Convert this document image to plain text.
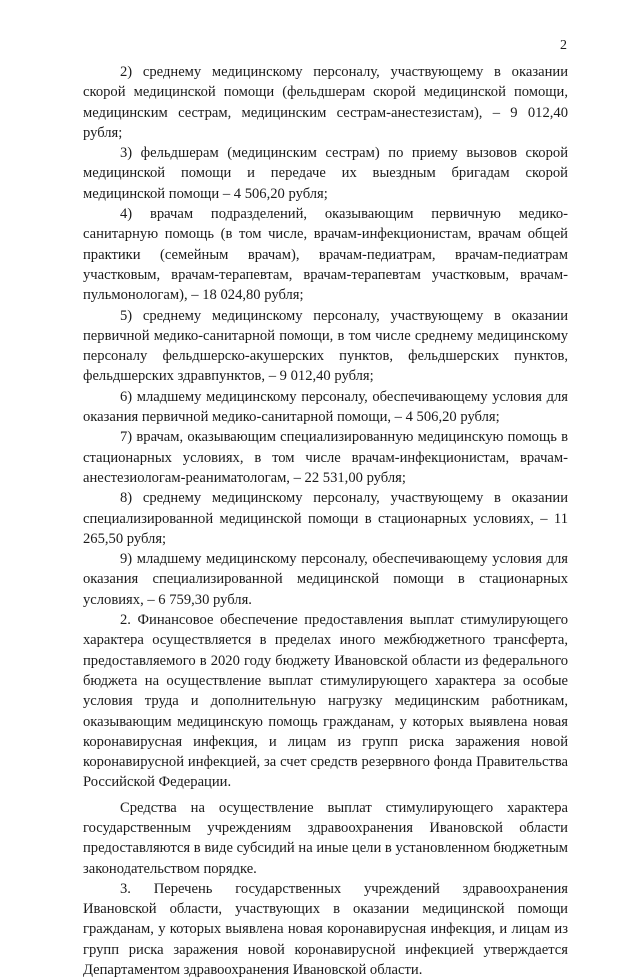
2

2) среднему медицинскому персоналу, участвующему в оказании скорой медицинской помощи (фельдшерам скорой медицинской помощи, медицинским сестрам, медицинским сестрам-анестезистам), – 9 012,40 рубля;

3) фельдшерам (медицинским сестрам) по приему вызовов скорой медицинской помощи и передаче их выездным бригадам скорой медицинской помощи – 4 506,20 рубля;

4) врачам подразделений, оказывающим первичную медико-санитарную помощь (в том числе, врачам-инфекционистам, врачам общей практики (семейным врачам), врачам-педиатрам, врачам-педиатрам участковым, врачам-терапевтам, врачам-терапевтам участковым, врачам-пульмонологам), – 18 024,80 рубля;

5) среднему медицинскому персоналу, участвующему в оказании первичной медико-санитарной помощи, в том числе среднему медицинскому персоналу фельдшерско-акушерских пунктов, фельдшерских пунктов, фельдшерских здравпунктов, – 9 012,40 рубля;

6) младшему медицинскому персоналу, обеспечивающему условия для оказания первичной медико-санитарной помощи, – 4 506,20 рубля;

7) врачам, оказывающим специализированную медицинскую помощь в стационарных условиях, в том числе врачам-инфекционистам, врачам-анестезиологам-реаниматологам, – 22 531,00 рубля;

8) среднему медицинскому персоналу, участвующему в оказании специализированной медицинской помощи в стационарных условиях, – 11 265,50 рубля;

9) младшему медицинскому персоналу, обеспечивающему условия для оказания специализированной медицинской помощи в стационарных условиях, – 6 759,30 рубля.

2. Финансовое обеспечение предоставления выплат стимулирующего характера осуществляется в пределах иного межбюджетного трансферта, предоставляемого в 2020 году бюджету Ивановской области из федерального бюджета на осуществление выплат стимулирующего характера за особые условия труда и дополнительную нагрузку медицинским работникам, оказывающим медицинскую помощь гражданам, у которых выявлена новая коронавирусная инфекция, и лицам из групп риска заражения новой коронавирусной инфекцией, за счет средств резервного фонда Правительства Российской Федерации.

Средства на осуществление выплат стимулирующего характера государственным учреждениям здравоохранения Ивановской области предоставляются в виде субсидий на иные цели в установленном бюджетным законодательством порядке.

3. Перечень государственных учреждений здравоохранения Ивановской области, участвующих в оказании медицинской помощи гражданам, у которых выявлена новая коронавирусная инфекция, и лицам из групп риска заражения новой коронавирусной инфекцией утверждается Департаментом здравоохранения Ивановской области.
